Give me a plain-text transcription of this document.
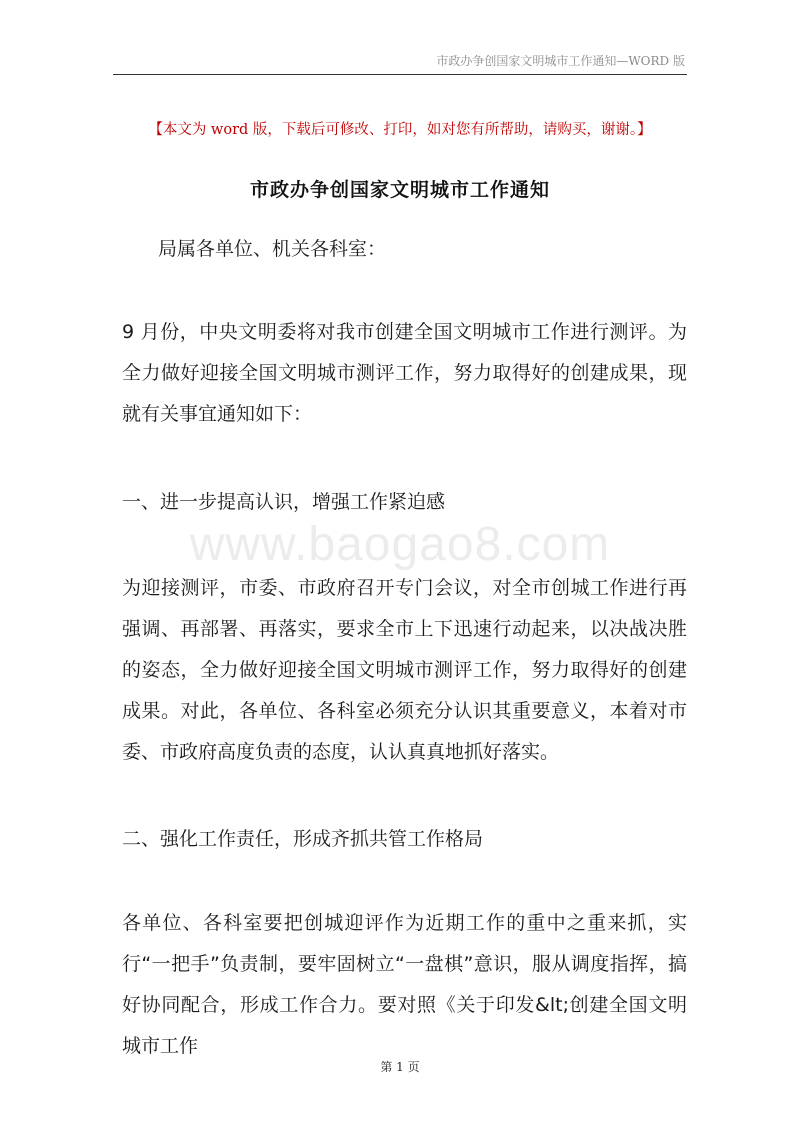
市政办争创国家文明城市工作通知—WORD 版
【本文为 word 版，下载后可修改、打印，如对您有所帮助，请购买，谢谢。】
市政办争创国家文明城市工作通知

局属各单位、机关各科室：

9 月份，中央文明委将对我市创建全国文明城市工作进行测评。为全力做好迎接全国文明城市测评工作，努力取得好的创建成果，现就有关事宜通知如下：

一、进一步提高认识，增强工作紧迫感

www.baogao8.com

为迎接测评，市委、市政府召开专门会议，对全市创城工作进行再强调、再部署、再落实，要求全市上下迅速行动起来，以决战决胜的姿态，全力做好迎接全国文明城市测评工作，努力取得好的创建成果。对此，各单位、各科室必须充分认识其重要意义，本着对市委、市政府高度负责的态度，认认真真地抓好落实。

二、强化工作责任，形成齐抓共管工作格局

各单位、各科室要把创城迎评作为近期工作的重中之重来抓，实行“一把手”负责制，要牢固树立“一盘棋”意识，服从调度指挥，搞好协同配合，形成工作合力。要对照《关于印发&lt;创建全国文明城市工作

第 1 页
